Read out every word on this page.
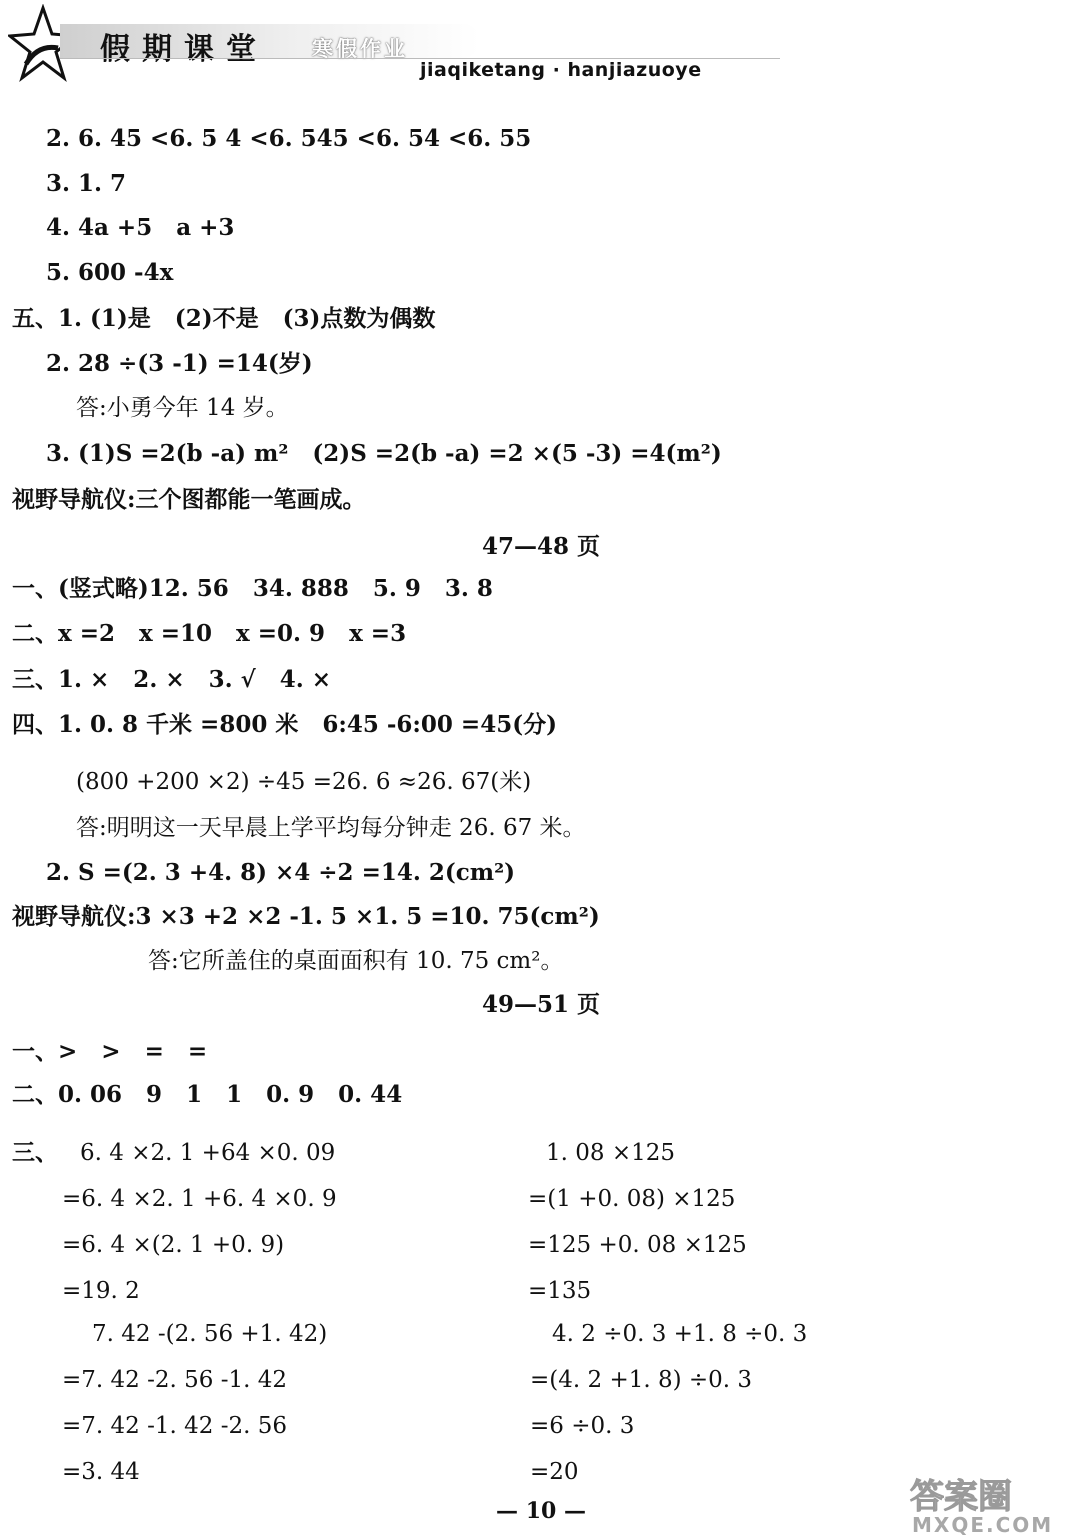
假期课堂 寒假作业
jiaqiketang · hanjiazuoye
2. 6. 45 <6. 5 4 <6. 545 <6. 54 <6. 55
3. 1. 7
4. 4a +5   a +3
5. 600 -4x
五、1. (1)是   (2)不是   (3)点数为偶数
2. 28 ÷(3 -1) =14(岁)
答:小勇今年 14 岁。
3. (1)S =2(b -a) m²   (2)S =2(b -a) =2 ×(5 -3) =4(m²)
视野导航仪:三个图都能一笔画成。
47—48 页
一、(竖式略)12. 56   34. 888   5. 9   3. 8
二、x =2   x =10   x =0. 9   x =3
三、1. ×   2. ×   3. √   4. ×
四、1. 0. 8 千米 =800 米   6:45 -6:00 =45(分)
(800 +200 ×2) ÷45 =26. 6 ≈26. 67(米)
答:明明这一天早晨上学平均每分钟走 26. 67 米。
2. S =(2. 3 +4. 8) ×4 ÷2 =14. 2(cm²)
视野导航仪:3 ×3 +2 ×2 -1. 5 ×1. 5 =10. 75(cm²)
答:它所盖住的桌面面积有 10. 75 cm²。
49—51 页
一、>   >   =   =
二、0. 06   9   1   1   0. 9   0. 44
三、 6. 4 ×2. 1 +64 ×0. 09
=6. 4 ×2. 1 +6. 4 ×0. 9
=6. 4 ×(2. 1 +0. 9)
=19. 2
7. 42 -(2. 56 +1. 42)
=7. 42 -2. 56 -1. 42
=7. 42 -1. 42 -2. 56
=3. 44
1. 08 ×125
=(1 +0. 08) ×125
=125 +0. 08 ×125
=135
4. 2 ÷0. 3 +1. 8 ÷0. 3
=(4. 2 +1. 8) ÷0. 3
=6 ÷0. 3
=20
— 10 —	答案圈
MXQE.COM
